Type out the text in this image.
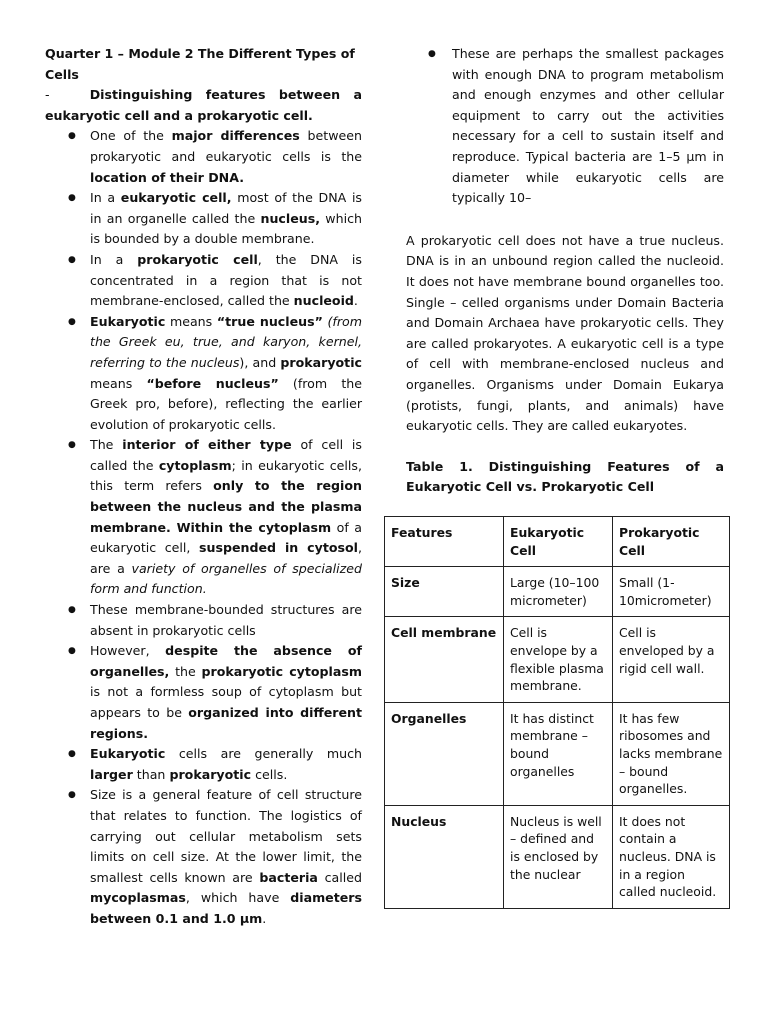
Quarter 1 – Module 2 The Different Types of Cells

-	Distinguishing features between a eukaryotic cell and a prokaryotic cell.

● One of the major differences between prokaryotic and eukaryotic cells is the location of their DNA.
● In a eukaryotic cell, most of the DNA is in an organelle called the nucleus, which is bounded by a double membrane.
● In a prokaryotic cell, the DNA is concentrated in a region that is not membrane-enclosed, called the nucleoid.
● Eukaryotic means “true nucleus” (from the Greek eu, true, and karyon, kernel, referring to the nucleus), and prokaryotic means “before nucleus” (from the Greek pro, before), reflecting the earlier evolution of prokaryotic cells.
● The interior of either type of cell is called the cytoplasm; in eukaryotic cells, this term refers only to the region between the nucleus and the plasma membrane. Within the cytoplasm of a eukaryotic cell, suspended in cytosol, are a variety of organelles of specialized form and function.
● These membrane-bounded structures are absent in prokaryotic cells
● However, despite the absence of organelles, the prokaryotic cytoplasm is not a formless soup of cytoplasm but appears to be organized into different regions.
● Eukaryotic cells are generally much larger than prokaryotic cells.
● Size is a general feature of cell structure that relates to function. The logistics of carrying out cellular metabolism sets limits on cell size. At the lower limit, the smallest cells known are bacteria called mycoplasmas, which have diameters between 0.1 and 1.0 μm.
● These are perhaps the smallest packages with enough DNA to program metabolism and enough enzymes and other cellular equipment to carry out the activities necessary for a cell to sustain itself and reproduce. Typical bacteria are 1–5 μm in diameter while eukaryotic cells are typically 10–

A prokaryotic cell does not have a true nucleus. DNA is in an unbound region called the nucleoid. It does not have membrane bound organelles too. Single – celled organisms under Domain Bacteria and Domain Archaea have prokaryotic cells. They are called prokaryotes. A eukaryotic cell is a type of cell with membrane-enclosed nucleus and organelles. Organisms under Domain Eukarya (protists, fungi, plants, and animals) have eukaryotic cells. They are called eukaryotes.

Table 1. Distinguishing Features of a Eukaryotic Cell vs. Prokaryotic Cell

Features	Eukaryotic Cell	Prokaryotic Cell
Size	Large (10–100 micrometer)	Small (1-10micrometer)
Cell membrane	Cell is envelope by a flexible plasma membrane.	Cell is enveloped by a rigid cell wall.
Organelles	It has distinct membrane – bound organelles	It has few ribosomes and lacks membrane – bound organelles.
Nucleus	Nucleus is well – defined and is enclosed by the nuclear	It does not contain a nucleus. DNA is in a region called nucleoid.
